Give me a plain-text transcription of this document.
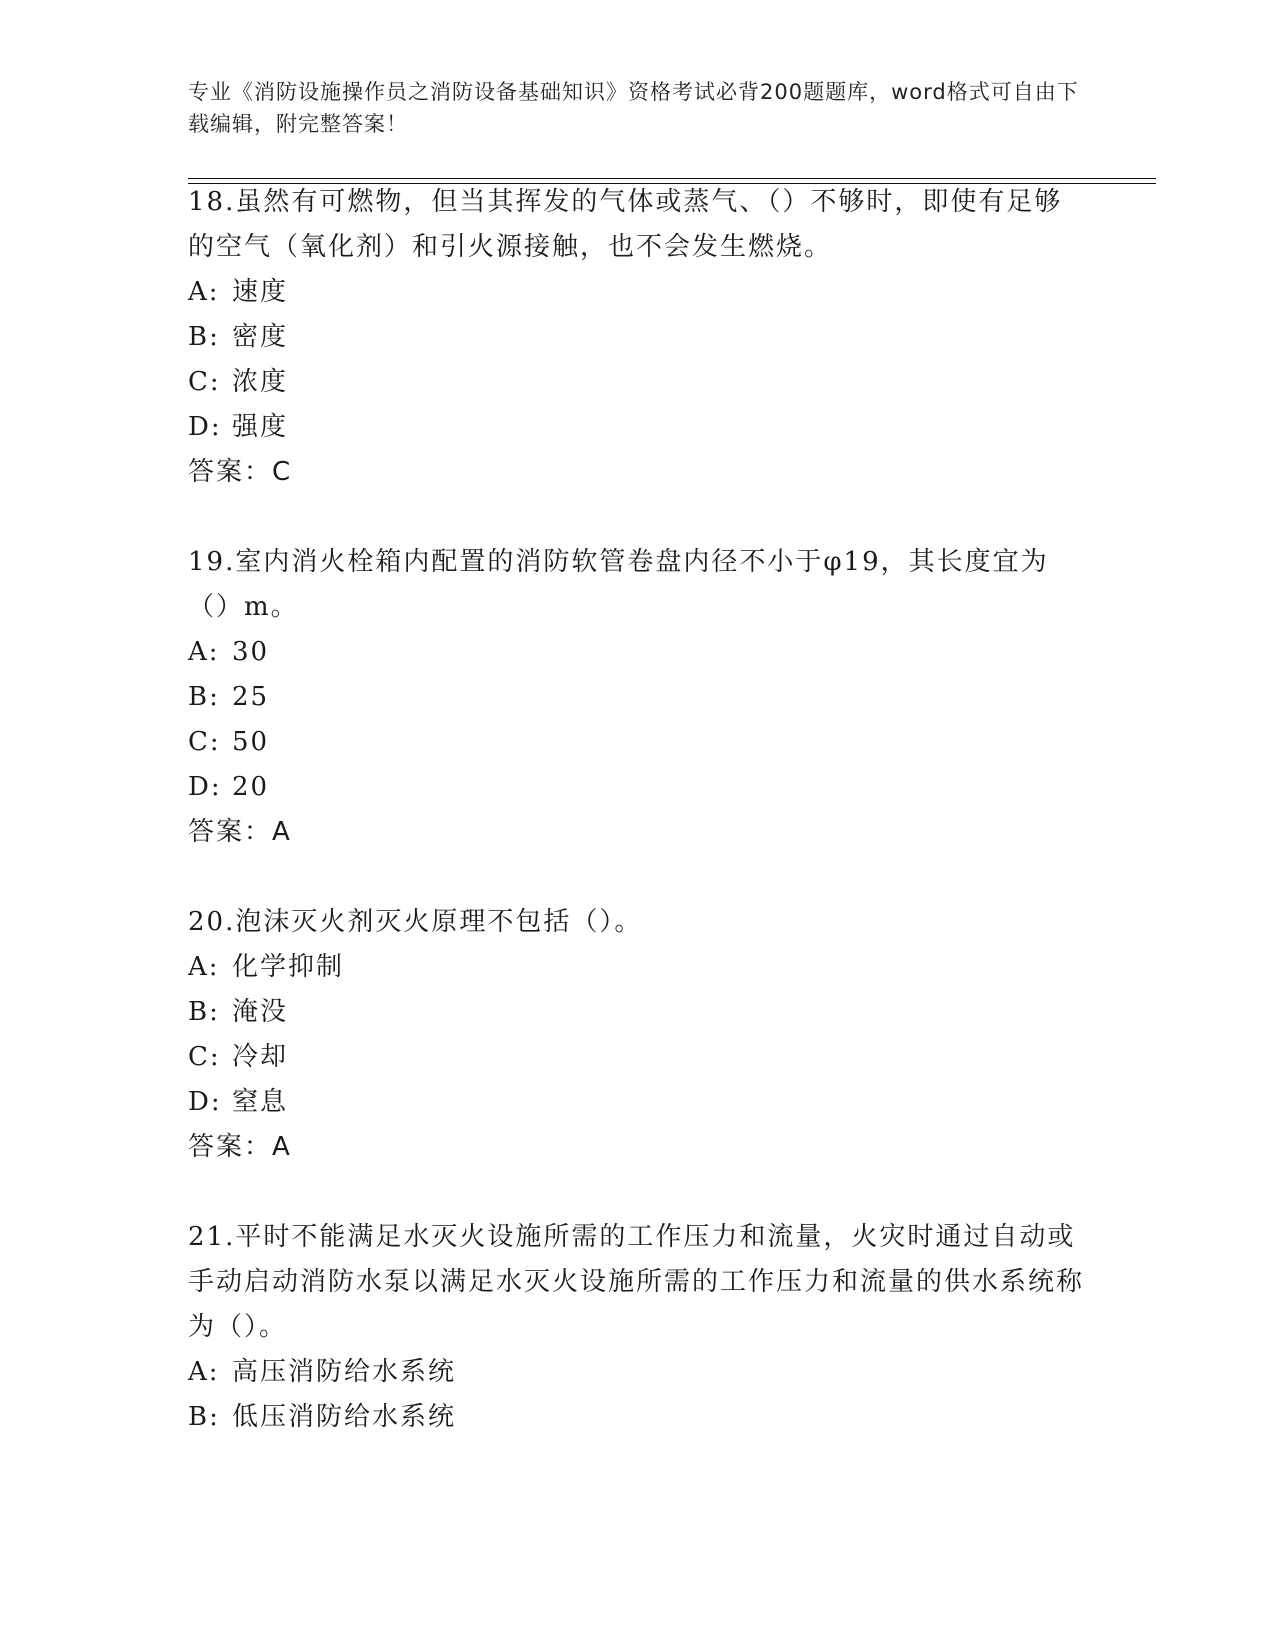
专业《消防设施操作员之消防设备基础知识》资格考试必背200题题库，word格式可自由下载编辑，附完整答案！

18.虽然有可燃物，但当其挥发的气体或蒸气、（）不够时，即使有足够的空气（氧化剂）和引火源接触，也不会发生燃烧。

A: 速度

B: 密度

C: 浓度

D: 强度

答案：C

19.室内消火栓箱内配置的消防软管卷盘内径不小于φ19，其长度宜为（）m。

A: 30

B: 25

C: 50

D: 20

答案：A

20.泡沫灭火剂灭火原理不包括（）。

A: 化学抑制

B: 淹没

C: 冷却

D: 窒息

答案：A

21.平时不能满足水灭火设施所需的工作压力和流量，火灾时通过自动或手动启动消防水泵以满足水灭火设施所需的工作压力和流量的供水系统称为（）。

A: 高压消防给水系统

B: 低压消防给水系统
